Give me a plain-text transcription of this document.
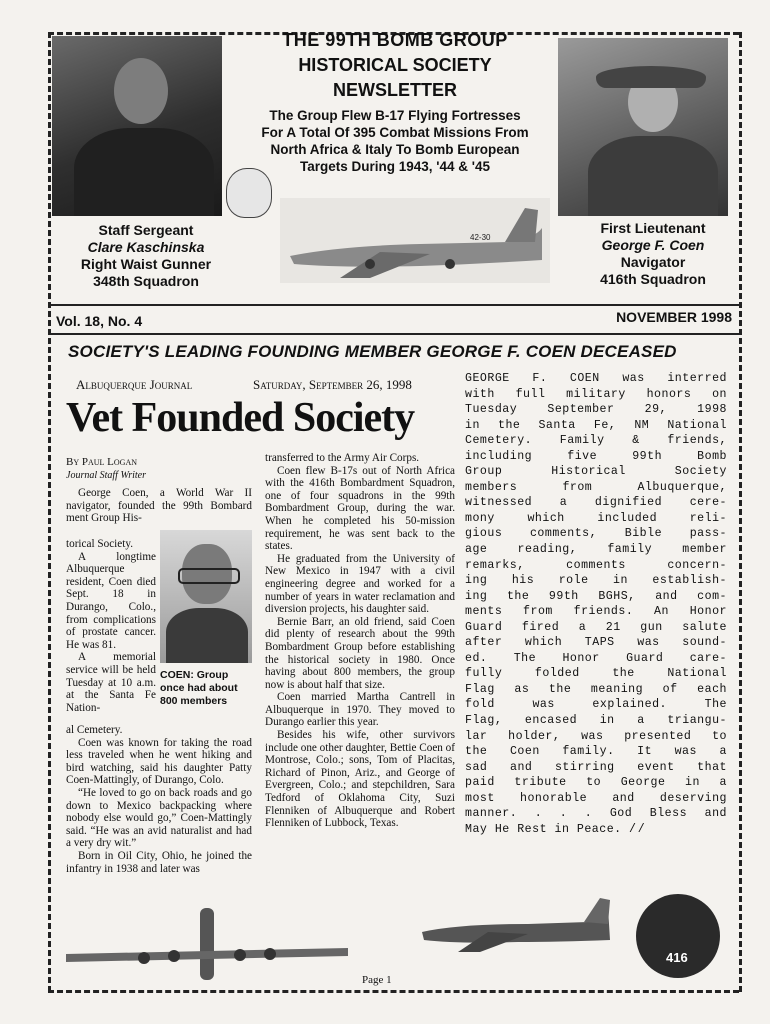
THE 99TH BOMB GROUP
HISTORICAL SOCIETY
NEWSLETTER
The Group Flew B-17 Flying Fortresses
For A Total Of 395 Combat Missions From
North Africa & Italy To Bomb European
Targets During 1943, '44 & '45
42-30
Staff Sergeant
Clare Kaschinska
Right Waist Gunner
348th Squadron
First Lieutenant
George F. Coen
Navigator
416th Squadron
Vol. 18, No. 4	NOVEMBER 1998
SOCIETY'S LEADING FOUNDING MEMBER GEORGE F. COEN DECEASED
Albuquerque Journal	Saturday, September 26, 1998
Vet Founded Society
By Paul Logan
Journal Staff Writer

George Coen, a World War II navigator, founded the 99th Bombard ment Group His-

torical Society.

A longtime Albuquerque resident, Coen died Sept. 18 in Durango, Colo., from complications of prostate cancer. He was 81.

A memorial service will be held Tuesday at 10 a.m. at the Santa Fe Nation-

COEN: Group once had about 800 members

al Cemetery.

Coen was known for taking the road less traveled when he went hiking and bird watching, said his daughter Patty Coen-Mattingly, of Durango, Colo.

“He loved to go on back roads and go down to Mexico backpacking where nobody else would go,” Coen-Mattingly said. “He was an avid naturalist and had a very dry wit.”

Born in Oil City, Ohio, he joined the infantry in 1938 and later was

transferred to the Army Air Corps.

Coen flew B-17s out of North Africa with the 416th Bombardment Squadron, one of four squadrons in the 99th Bombardment Group, during the war. When he completed his 50-mission requirement, he was sent back to the states.

He graduated from the University of New Mexico in 1947 with a civil engineering degree and worked for a number of years in water reclamation and diversion projects, his daughter said.

Bernie Barr, an old friend, said Coen did plenty of research about the 99th Bombardment Group before establishing the historical society in 1980. Once having about 800 members, the group now is about half that size.

Coen married Martha Cantrell in Albuquerque in 1970. They moved to Durango earlier this year.

Besides his wife, other survivors include one other daughter, Bettie Coen of Montrose, Colo.; sons, Tom of Placitas, Richard of Pinon, Ariz., and George of Evergreen, Colo.; and stepchildren, Sara Tedford of Oklahoma City, Suzi Flenniken of Albuquerque and Robert Flenniken of Lubbock, Texas.

GEORGE F. COEN was interred
with full military honors on
Tuesday September 29, 1998
in the Santa Fe, NM National
Cemetery. Family & friends,
including five 99th Bomb
Group Historical Society
members from Albuquerque,
witnessed a dignified cere-
mony which included reli-
gious comments, Bible pass-
age reading, family member
remarks, comments concern-
ing his role in establish-
ing the 99th BGHS, and com-
ments from friends. An Honor
Guard fired a 21 gun salute
after which TAPS was sound-
ed. The Honor Guard care-
fully folded the National
Flag as the meaning of each
fold was explained. The
Flag, encased in a triangu-
lar holder, was presented to
the Coen family. It was a
sad and stirring event that
paid tribute to George in a
most honorable and deserving
manner. . . . God Bless and
May He Rest in Peace. / / 
416
Page 1
